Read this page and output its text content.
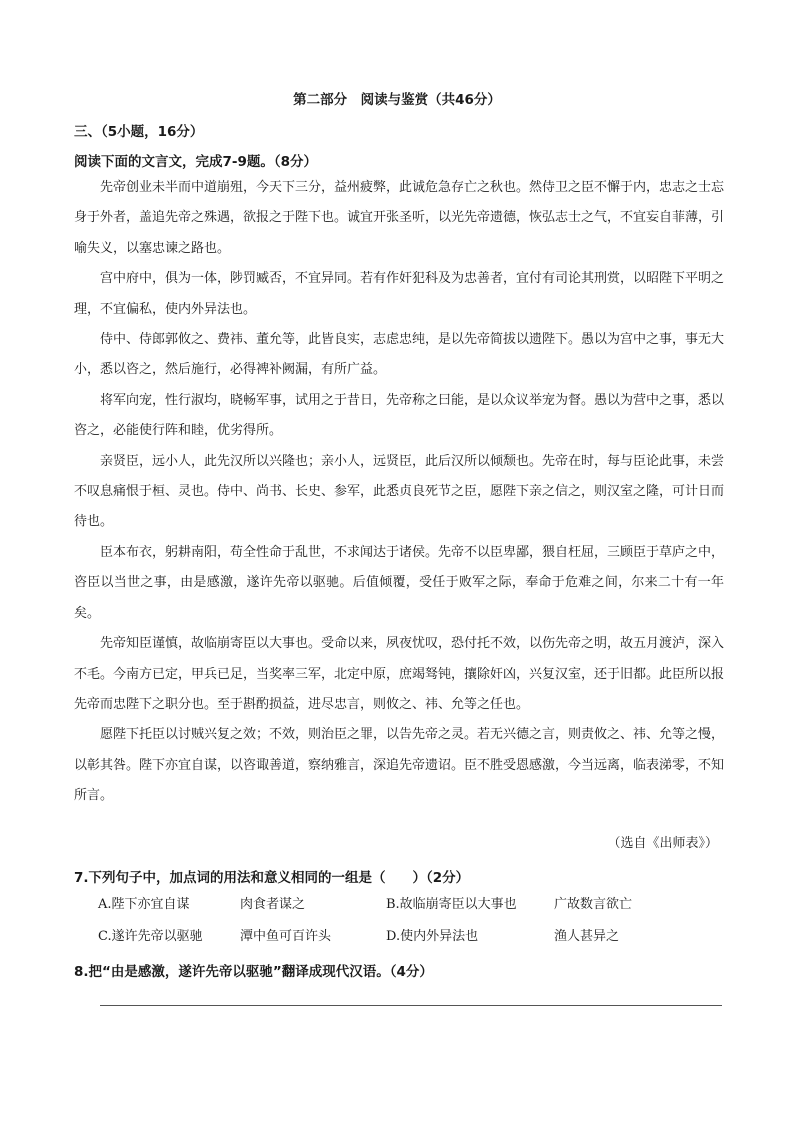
第二部分　阅读与鉴赏（共46分）
三、（5小题，16分）
阅读下面的文言文，完成7-9题。（8分）

先帝创业未半而中道崩殂，今天下三分，益州疲弊，此诚危急存亡之秋也。然侍卫之臣不懈于内，忠志之士忘身于外者，盖追先帝之殊遇，欲报之于陛下也。诚宜开张圣听，以光先帝遗德，恢弘志士之气，不宜妄自菲薄，引喻失义，以塞忠谏之路也。

宫中府中，俱为一体，陟罚臧否，不宜异同。若有作奸犯科及为忠善者，宜付有司论其刑赏，以昭陛下平明之理，不宜偏私，使内外异法也。

侍中、侍郎郭攸之、费祎、董允等，此皆良实，志虑忠纯，是以先帝简拔以遗陛下。愚以为宫中之事，事无大小，悉以咨之，然后施行，必得裨补阙漏，有所广益。

将军向宠，性行淑均，晓畅军事，试用之于昔日，先帝称之曰能，是以众议举宠为督。愚以为营中之事，悉以咨之，必能使行阵和睦，优劣得所。

亲贤臣，远小人，此先汉所以兴隆也；亲小人，远贤臣，此后汉所以倾颓也。先帝在时，每与臣论此事，未尝不叹息痛恨于桓、灵也。侍中、尚书、长史、参军，此悉贞良死节之臣，愿陛下亲之信之，则汉室之隆，可计日而待也。

臣本布衣，躬耕南阳，苟全性命于乱世，不求闻达于诸侯。先帝不以臣卑鄙，猥自枉屈，三顾臣于草庐之中，咨臣以当世之事，由是感激，遂许先帝以驱驰。后值倾覆，受任于败军之际，奉命于危难之间，尔来二十有一年矣。

先帝知臣谨慎，故临崩寄臣以大事也。受命以来，夙夜忧叹，恐付托不效，以伤先帝之明，故五月渡泸，深入不毛。今南方已定，甲兵已足，当奖率三军，北定中原，庶竭驽钝，攘除奸凶，兴复汉室，还于旧都。此臣所以报先帝而忠陛下之职分也。至于斟酌损益，进尽忠言，则攸之、祎、允等之任也。

愿陛下托臣以讨贼兴复之效；不效，则治臣之罪，以告先帝之灵。若无兴德之言，则责攸之、祎、允等之慢，以彰其咎。陛下亦宜自谋，以咨诹善道，察纳雅言，深追先帝遗诏。臣不胜受恩感激，今当远离，临表涕零，不知所言。

（选自《出师表》）
7.下列句子中，加点词的用法和意义相同的一组是（　　）（2分）
A.陛下亦宜自谋	肉食者谋之	B.故临崩寄臣以大事也	广故数言欲亡
C.遂许先帝以驱驰	潭中鱼可百许头	D.使内外异法也	渔人甚异之
8.把“由是感激，遂许先帝以驱驰”翻译成现代汉语。（4分）
